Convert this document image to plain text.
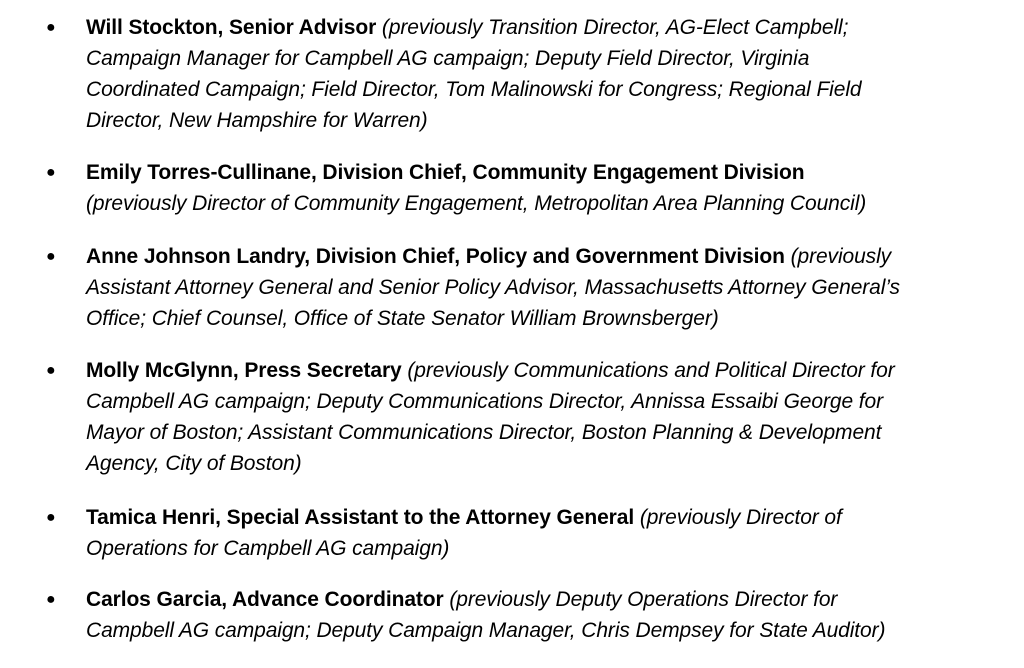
● Will Stockton, Senior Advisor (previously Transition Director, AG-Elect Campbell;
Campaign Manager for Campbell AG campaign; Deputy Field Director, Virginia
Coordinated Campaign; Field Director, Tom Malinowski for Congress; Regional Field
Director, New Hampshire for Warren)
● Emily Torres-Cullinane, Division Chief, Community Engagement Division
(previously Director of Community Engagement, Metropolitan Area Planning Council)
● Anne Johnson Landry, Division Chief, Policy and Government Division (previously
Assistant Attorney General and Senior Policy Advisor, Massachusetts Attorney General’s
Office; Chief Counsel, Office of State Senator William Brownsberger)
● Molly McGlynn, Press Secretary (previously Communications and Political Director for
Campbell AG campaign; Deputy Communications Director, Annissa Essaibi George for
Mayor of Boston; Assistant Communications Director, Boston Planning & Development
Agency, City of Boston)
● Tamica Henri, Special Assistant to the Attorney General (previously Director of
Operations for Campbell AG campaign)
● Carlos Garcia, Advance Coordinator (previously Deputy Operations Director for
Campbell AG campaign; Deputy Campaign Manager, Chris Dempsey for State Auditor)
